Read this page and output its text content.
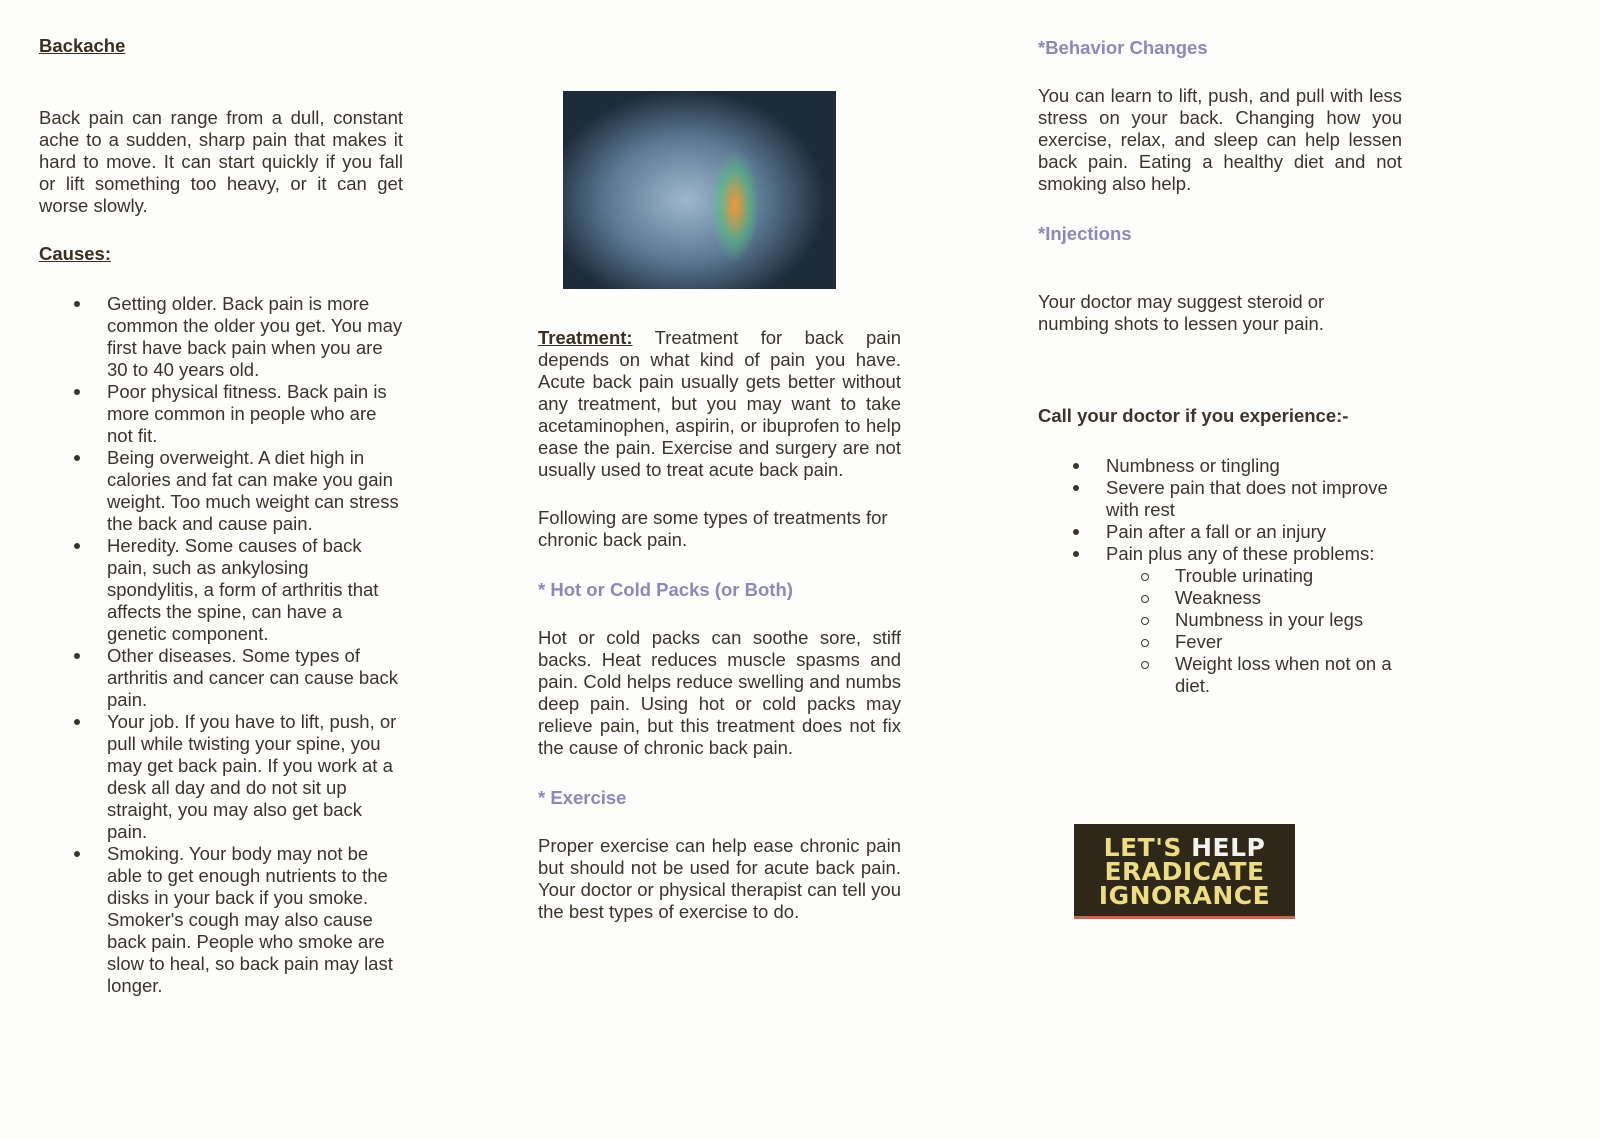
Backache

Back pain can range from a dull, constant ache to a sudden, sharp pain that makes it hard to move. It can start quickly if you fall or lift something too heavy, or it can get worse slowly.

Causes:

Getting older. Back pain is more common the older you get. You may first have back pain when you are 30 to 40 years old.
Poor physical fitness. Back pain is more common in people who are not fit.
Being overweight. A diet high in calories and fat can make you gain weight. Too much weight can stress the back and cause pain.
Heredity. Some causes of back pain, such as ankylosing spondylitis, a form of arthritis that affects the spine, can have a genetic component.
Other diseases. Some types of arthritis and cancer can cause back pain.
Your job. If you have to lift, push, or pull while twisting your spine, you may get back pain. If you work at a desk all day and do not sit up straight, you may also get back pain.
Smoking. Your body may not be able to get enough nutrients to the disks in your back if you smoke. Smoker's cough may also cause back pain. People who smoke are slow to heal, so back pain may last longer.

Treatment: Treatment for back pain depends on what kind of pain you have. Acute back pain usually gets better without any treatment, but you may want to take acetaminophen, aspirin, or ibuprofen to help ease the pain. Exercise and surgery are not usually used to treat acute back pain.

Following are some types of treatments for chronic back pain.

* Hot or Cold Packs (or Both)

Hot or cold packs can soothe sore, stiff backs. Heat reduces muscle spasms and pain. Cold helps reduce swelling and numbs deep pain. Using hot or cold packs may relieve pain, but this treatment does not fix the cause of chronic back pain.

* Exercise

Proper exercise can help ease chronic pain but should not be used for acute back pain. Your doctor or physical therapist can tell you the best types of exercise to do.

*Behavior Changes

You can learn to lift, push, and pull with less stress on your back. Changing how you exercise, relax, and sleep can help lessen back pain. Eating a healthy diet and not smoking also help.

*Injections

Your doctor may suggest steroid or numbing shots to lessen your pain.

Call your doctor if you experience:-

Numbness or tingling
Severe pain that does not improve with rest
Pain after a fall or an injury
Pain plus any of these problems:
Trouble urinating
Weakness
Numbness in your legs
Fever
Weight loss when not on a diet.
LET'S HELP
ERADICATE
IGNORANCE
